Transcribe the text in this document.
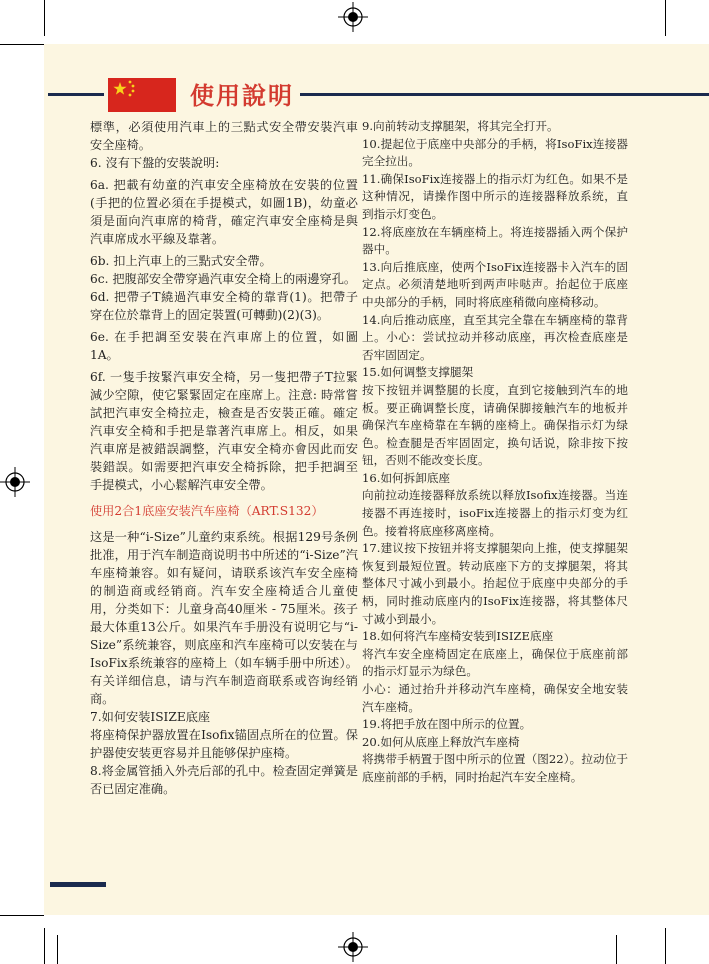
使用說明

標準，必須使用汽車上的三點式安全帶安裝汽車安全座椅。

6. 沒有下盤的安裝說明:

6a. 把載有幼童的汽車安全座椅放在安裝的位置(手把的位置必須在手提模式，如圖1B)，幼童必須是面向汽車席的椅背，確定汽車安全座椅是與汽車席成水平線及靠著。

6b. 扣上汽車上的三點式安全帶。

6c. 把腹部安全帶穿過汽車安全椅上的兩邊穿孔。

6d. 把帶子T繞過汽車安全椅的靠背(1)。把帶子穿在位於靠背上的固定裝置(可轉動)(2)(3)。

6e. 在手把調至安裝在汽車席上的位置，如圖1A。

6f. 一隻手按緊汽車安全椅，另一隻把帶子T拉緊減少空隙，使它緊緊固定在座席上。注意: 時常嘗試把汽車安全椅拉走，檢查是否安裝正確。確定汽車安全椅和手把是靠著汽車席上。相反，如果汽車席是被錯誤調整，汽車安全椅亦會因此而安裝錯誤。如需要把汽車安全椅拆除，把手把調至手提模式，小心鬆解汽車安全帶。

使用2合1底座安装汽车座椅（ART.S132）

这是一种“i-Size”儿童约束系统。根据129号条例批准，用于汽车制造商说明书中所述的“i-Size”汽车座椅兼容。如有疑问，请联系该汽车安全座椅的制造商或经销商。汽车安全座椅适合儿童使用，分类如下：儿童身高40厘米 - 75厘米。孩子最大体重13公斤。如果汽车手册没有说明它与“i-Size”系统兼容，则底座和汽车座椅可以安装在与IsoFix系统兼容的座椅上（如车辆手册中所述）。有关详细信息，请与汽车制造商联系或咨询经销商。

7.如何安装ISIZE底座

将座椅保护器放置在Isofix锚固点所在的位置。保护器使安装更容易并且能够保护座椅。

8.将金属管插入外壳后部的孔中。检查固定弹簧是否已固定准确。

9.向前转动支撑腿架，将其完全打开。

10.提起位于底座中央部分的手柄，将IsoFix连接器完全拉出。

11.确保IsoFix连接器上的指示灯为红色。如果不是这种情况，请操作图中所示的连接器释放系统，直到指示灯变色。

12.将底座放在车辆座椅上。将连接器插入两个保护器中。

13.向后推底座，使两个IsoFix连接器卡入汽车的固定点。必须清楚地听到两声咔哒声。抬起位于底座中央部分的手柄，同时将底座稍微向座椅移动。

14.向后推动底座，直至其完全靠在车辆座椅的靠背上。小心：尝试拉动并移动底座，再次检查底座是否牢固固定。

15.如何调整支撑腿架

按下按钮并调整腿的长度，直到它接触到汽车的地板。要正确调整长度，请确保脚接触汽车的地板并确保汽车座椅靠在车辆的座椅上。确保指示灯为绿色。检查腿是否牢固固定，换句话说，除非按下按钮，否则不能改变长度。

16.如何拆卸底座

向前拉动连接器释放系统以释放Isofix连接器。当连接器不再连接时，isoFix连接器上的指示灯变为红色。接着将底座移离座椅。

17.建议按下按钮并将支撑腿架向上推，使支撑腿架恢复到最短位置。转动底座下方的支撑腿架，将其整体尺寸减小到最小。抬起位于底座中央部分的手柄，同时推动底座内的IsoFix连接器，将其整体尺寸减小到最小。

18.如何将汽车座椅安装到ISIZE底座

将汽车安全座椅固定在底座上，确保位于底座前部的指示灯显示为绿色。

小心：通过抬升并移动汽车座椅，确保安全地安装汽车座椅。

19.将把手放在图中所示的位置。

20.如何从底座上释放汽车座椅

将携带手柄置于图中所示的位置（图22）。拉动位于底座前部的手柄，同时抬起汽车安全座椅。
